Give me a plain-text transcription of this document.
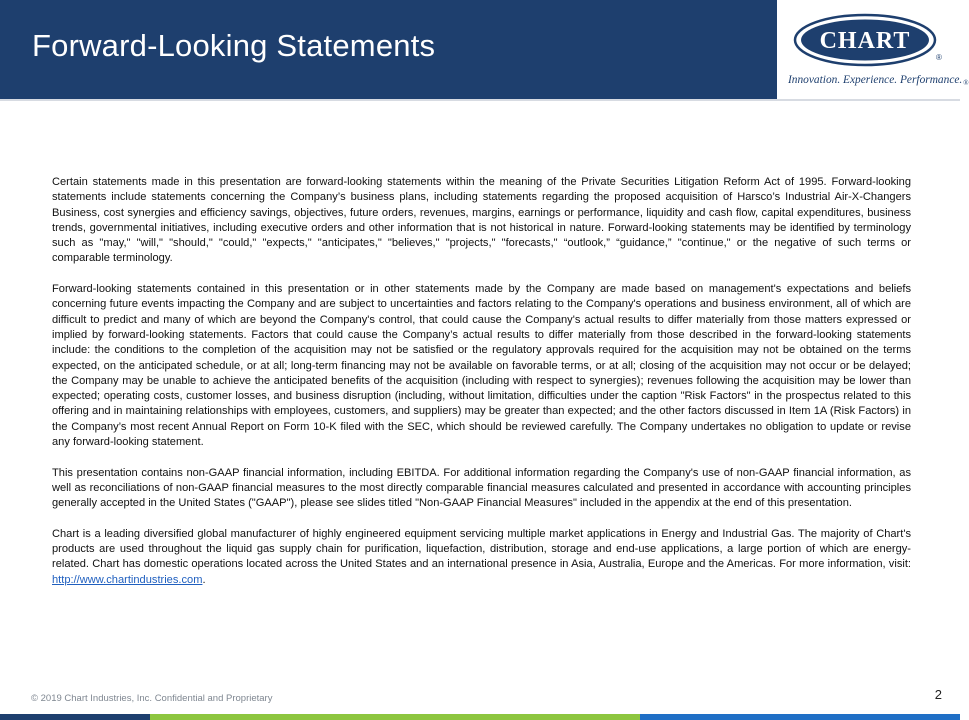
Forward-Looking Statements	CHART
®
Innovation. Experience. Performance.®

Certain statements made in this presentation are forward-looking statements within the meaning of the Private Securities Litigation Reform Act of 1995. Forward-looking statements include statements concerning the Company’s business plans, including statements regarding the proposed acquisition of Harsco’s Industrial Air-X-Changers Business, cost synergies and efficiency savings, objectives, future orders, revenues, margins, earnings or performance, liquidity and cash flow, capital expenditures, business trends, governmental initiatives, including executive orders and other information that is not historical in nature. Forward-looking statements may be identified by terminology such as "may," "will," "should," "could," "expects," "anticipates," "believes," "projects," "forecasts," “outlook,” “guidance,” "continue," or the negative of such terms or comparable terminology.

Forward-looking statements contained in this presentation or in other statements made by the Company are made based on management's expectations and beliefs concerning future events impacting the Company and are subject to uncertainties and factors relating to the Company's operations and business environment, all of which are difficult to predict and many of which are beyond the Company's control, that could cause the Company's actual results to differ materially from those matters expressed or implied by forward-looking statements. Factors that could cause the Company’s actual results to differ materially from those described in the forward-looking statements include: the conditions to the completion of the acquisition may not be satisfied or the regulatory approvals required for the acquisition may not be obtained on the terms expected, on the anticipated schedule, or at all; long-term financing may not be available on favorable terms, or at all; closing of the acquisition may not occur or be delayed; the Company may be unable to achieve the anticipated benefits of the acquisition (including with respect to synergies); revenues following the acquisition may be lower than expected; operating costs, customer losses, and business disruption (including, without limitation, difficulties under the caption "Risk Factors" in the prospectus related to this offering and in maintaining relationships with employees, customers, and suppliers) may be greater than expected; and the other factors discussed in Item 1A (Risk Factors) in the Company’s most recent Annual Report on Form 10-K filed with the SEC, which should be reviewed carefully. The Company undertakes no obligation to update or revise any forward-looking statement.

This presentation contains non-GAAP financial information, including EBITDA. For additional information regarding the Company's use of non-GAAP financial information, as well as reconciliations of non-GAAP financial measures to the most directly comparable financial measures calculated and presented in accordance with accounting principles generally accepted in the United States ("GAAP"), please see slides titled "Non-GAAP Financial Measures" included in the appendix at the end of this presentation.

Chart is a leading diversified global manufacturer of highly engineered equipment servicing multiple market applications in Energy and Industrial Gas. The majority of Chart's products are used throughout the liquid gas supply chain for purification, liquefaction, distribution, storage and end-use applications, a large portion of which are energy-related. Chart has domestic operations located across the United States and an international presence in Asia, Australia, Europe and the Americas. For more information, visit: http://www.chartindustries.com.

© 2019 Chart Industries, Inc. Confidential and Proprietary	2
